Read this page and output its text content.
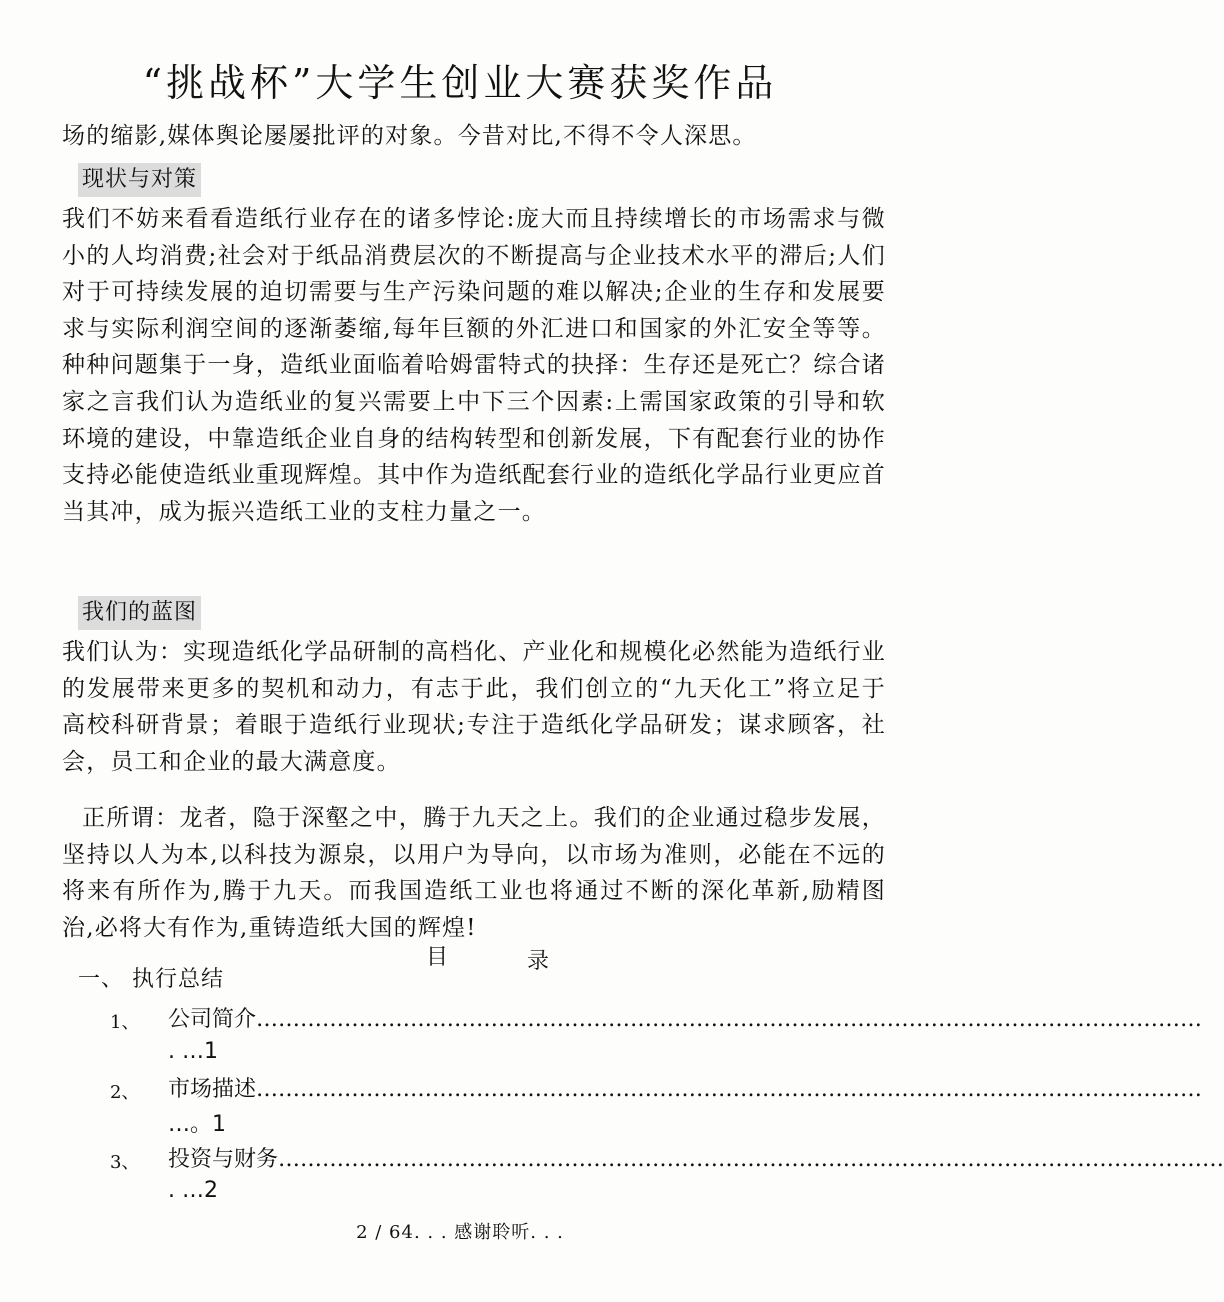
“挑战杯”大学生创业大赛获奖作品

场的缩影,媒体舆论屡屡批评的对象。今昔对比,不得不令人深思。

现状与对策

我们不妨来看看造纸行业存在的诸多悖论:庞大而且持续增长的市场需求与微小的人均消费;社会对于纸品消费层次的不断提高与企业技术水平的滞后;人们对于可持续发展的迫切需要与生产污染问题的难以解决;企业的生存和发展要求与实际利润空间的逐渐萎缩,每年巨额的外汇进口和国家的外汇安全等等。种种问题集于一身，造纸业面临着哈姆雷特式的抉择：生存还是死亡？综合诸家之言我们认为造纸业的复兴需要上中下三个因素:上需国家政策的引导和软环境的建设，中靠造纸企业自身的结构转型和创新发展，下有配套行业的协作支持必能使造纸业重现辉煌。其中作为造纸配套行业的造纸化学品行业更应首当其冲，成为振兴造纸工业的支柱力量之一。

我们的蓝图

我们认为：实现造纸化学品研制的高档化、产业化和规模化必然能为造纸行业的发展带来更多的契机和动力，有志于此，我们创立的“九天化工”将立足于高校科研背景；着眼于造纸行业现状;专注于造纸化学品研发；谋求顾客，社会，员工和企业的最大满意度。

正所谓：龙者，隐于深壑之中，腾于九天之上。我们的企业通过稳步发展，坚持以人为本,以科技为源泉，以用户为导向，以市场为准则，必能在不远的将来有所作为,腾于九天。而我国造纸工业也将通过不断的深化革新,励精图治,必将大有作为,重铸造纸大国的辉煌!

目	录
一、 执行总结
1、 公司简介…………………………………………………………………………………………………………………
. …1
2、 市场描述…………………………………………………………………………………………………………………
…。1
3、 投资与财务…………………………………………………………………………………………………………………
. …2
2 / 64. . . 感谢聆听. . .
